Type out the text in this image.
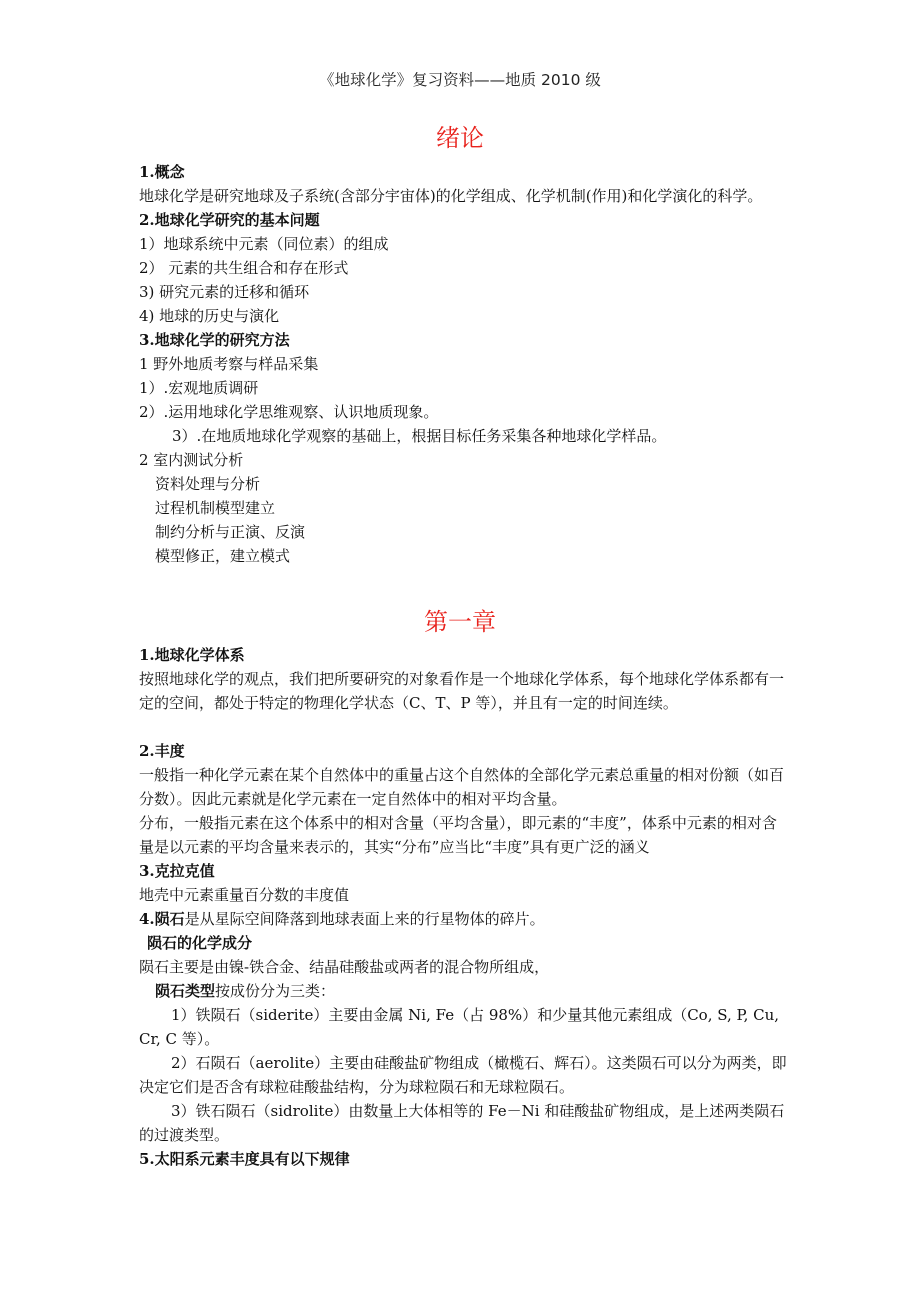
《地球化学》复习资料——地质 2010 级
绪论

1.概念

地球化学是研究地球及子系统(含部分宇宙体)的化学组成、化学机制(作用)和化学演化的科学。

2.地球化学研究的基本问题

1）地球系统中元素（同位素）的组成

2） 元素的共生组合和存在形式

3) 研究元素的迁移和循环

4) 地球的历史与演化

3.地球化学的研究方法

1 野外地质考察与样品采集

1）.宏观地质调研

2）.运用地球化学思维观察、认识地质现象。

3）.在地质地球化学观察的基础上，根据目标任务采集各种地球化学样品。

2 室内测试分析

资料处理与分析

过程机制模型建立

制约分析与正演、反演

模型修正，建立模式

第一章

1.地球化学体系

按照地球化学的观点，我们把所要研究的对象看作是一个地球化学体系，每个地球化学体系都有一定的空间，都处于特定的物理化学状态（C、T、P 等），并且有一定的时间连续。

2.丰度

一般指一种化学元素在某个自然体中的重量占这个自然体的全部化学元素总重量的相对份额（如百分数）。因此元素就是化学元素在一定自然体中的相对平均含量。

分布，一般指元素在这个体系中的相对含量（平均含量），即元素的“丰度”，体系中元素的相对含量是以元素的平均含量来表示的，其实“分布”应当比“丰度”具有更广泛的涵义

3.克拉克值

地壳中元素重量百分数的丰度值

4.陨石是从星际空间降落到地球表面上来的行星物体的碎片。

陨石的化学成分

陨石主要是由镍-铁合金、结晶硅酸盐或两者的混合物所组成，

陨石类型按成份分为三类：

1）铁陨石（siderite）主要由金属 Ni, Fe（占 98%）和少量其他元素组成（Co, S, P, Cu, Cr, C 等）。

2）石陨石（aerolite）主要由硅酸盐矿物组成（橄榄石、辉石）。这类陨石可以分为两类，即决定它们是否含有球粒硅酸盐结构，分为球粒陨石和无球粒陨石。

3）铁石陨石（sidrolite）由数量上大体相等的 Fe－Ni 和硅酸盐矿物组成，是上述两类陨石的过渡类型。

5.太阳系元素丰度具有以下规律
